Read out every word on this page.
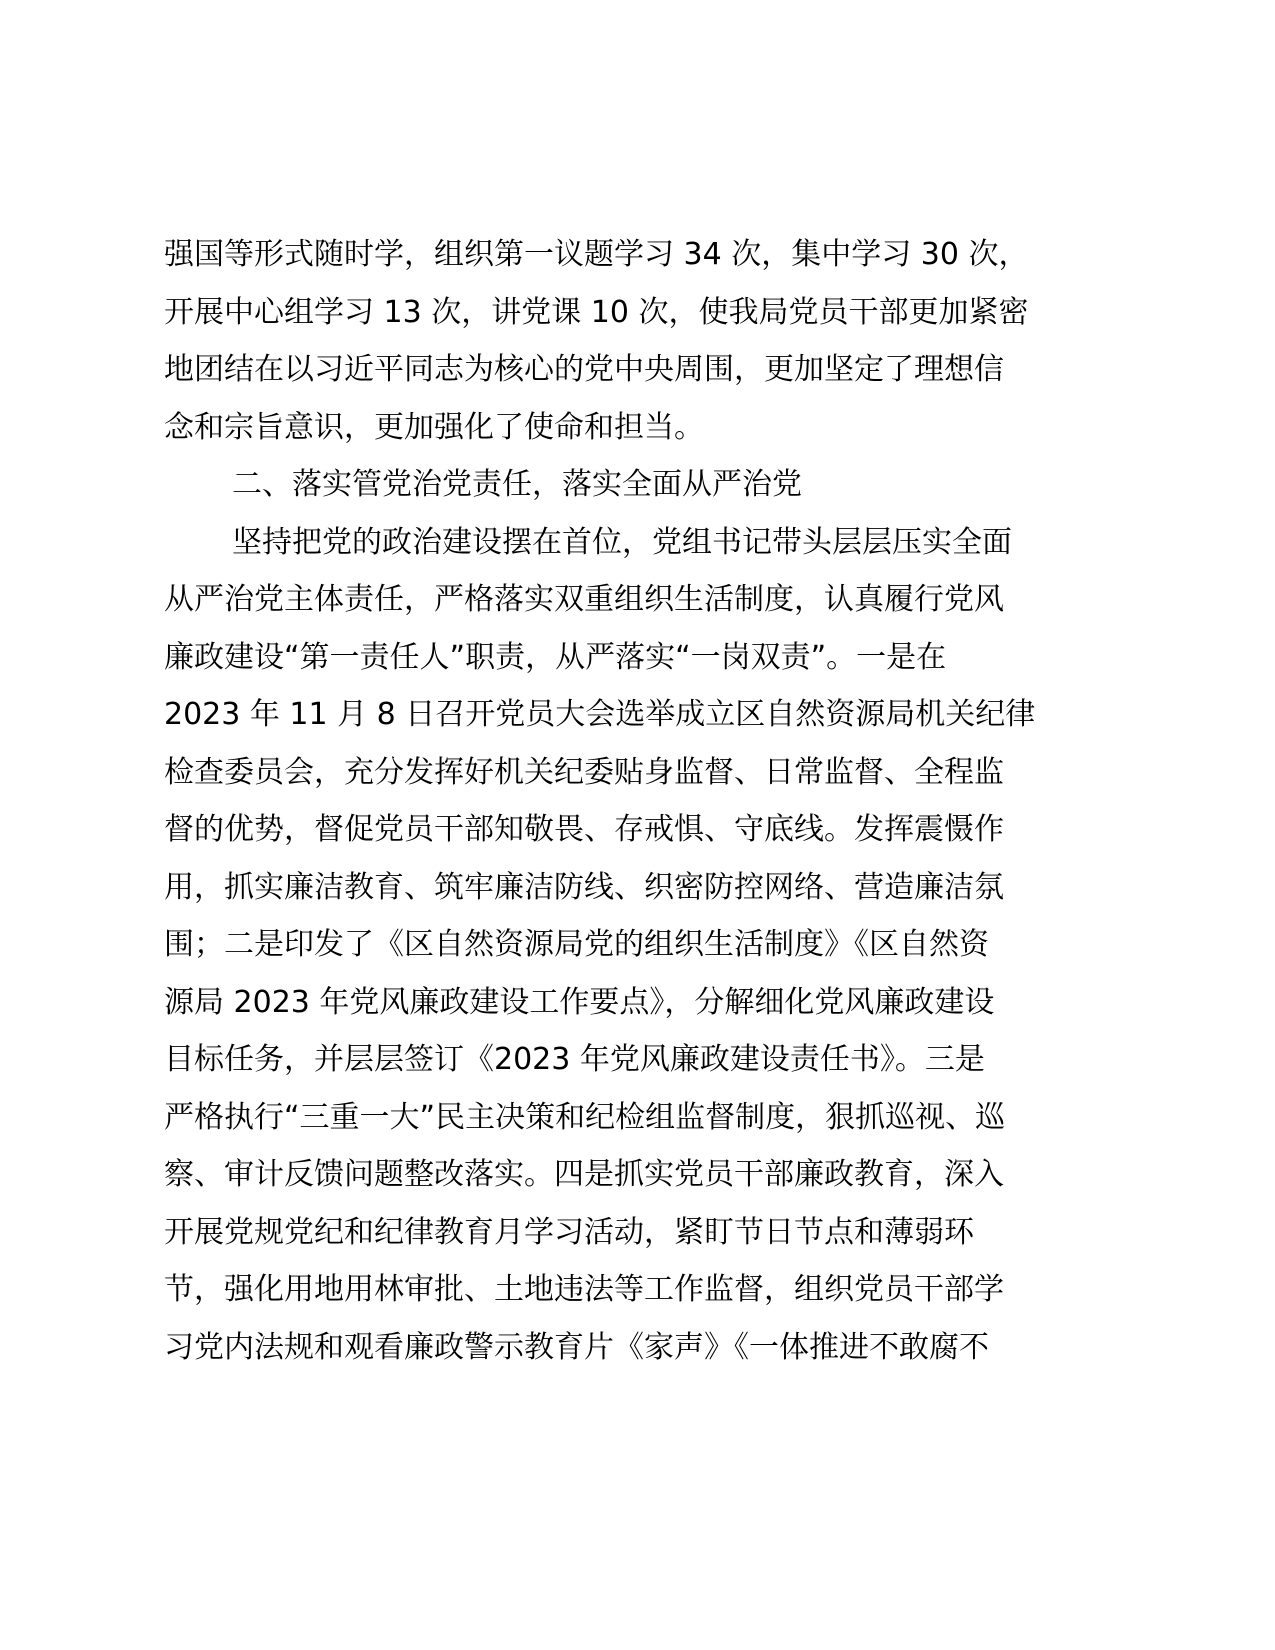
强国等形式随时学，组织第一议题学习 34 次，集中学习 30 次，
开展中心组学习 13 次，讲党课 10 次，使我局党员干部更加紧密
地团结在以习近平同志为核心的党中央周围，更加坚定了理想信
念和宗旨意识，更加强化了使命和担当。
二、落实管党治党责任，落实全面从严治党
坚持把党的政治建设摆在首位，党组书记带头层层压实全面
从严治党主体责任，严格落实双重组织生活制度，认真履行党风
廉政建设“第一责任人”职责，从严落实“一岗双责”。一是在
2023 年 11 月 8 日召开党员大会选举成立区自然资源局机关纪律
检查委员会，充分发挥好机关纪委贴身监督、日常监督、全程监
督的优势，督促党员干部知敬畏、存戒惧、守底线。发挥震慑作
用，抓实廉洁教育、筑牢廉洁防线、织密防控网络、营造廉洁氛
围；二是印发了《区自然资源局党的组织生活制度》《区自然资
源局 2023 年党风廉政建设工作要点》，分解细化党风廉政建设
目标任务，并层层签订《2023 年党风廉政建设责任书》。三是
严格执行“三重一大”民主决策和纪检组监督制度，狠抓巡视、巡
察、审计反馈问题整改落实。四是抓实党员干部廉政教育，深入
开展党规党纪和纪律教育月学习活动，紧盯节日节点和薄弱环
节，强化用地用林审批、土地违法等工作监督，组织党员干部学
习党内法规和观看廉政警示教育片《家声》《一体推进不敢腐不
